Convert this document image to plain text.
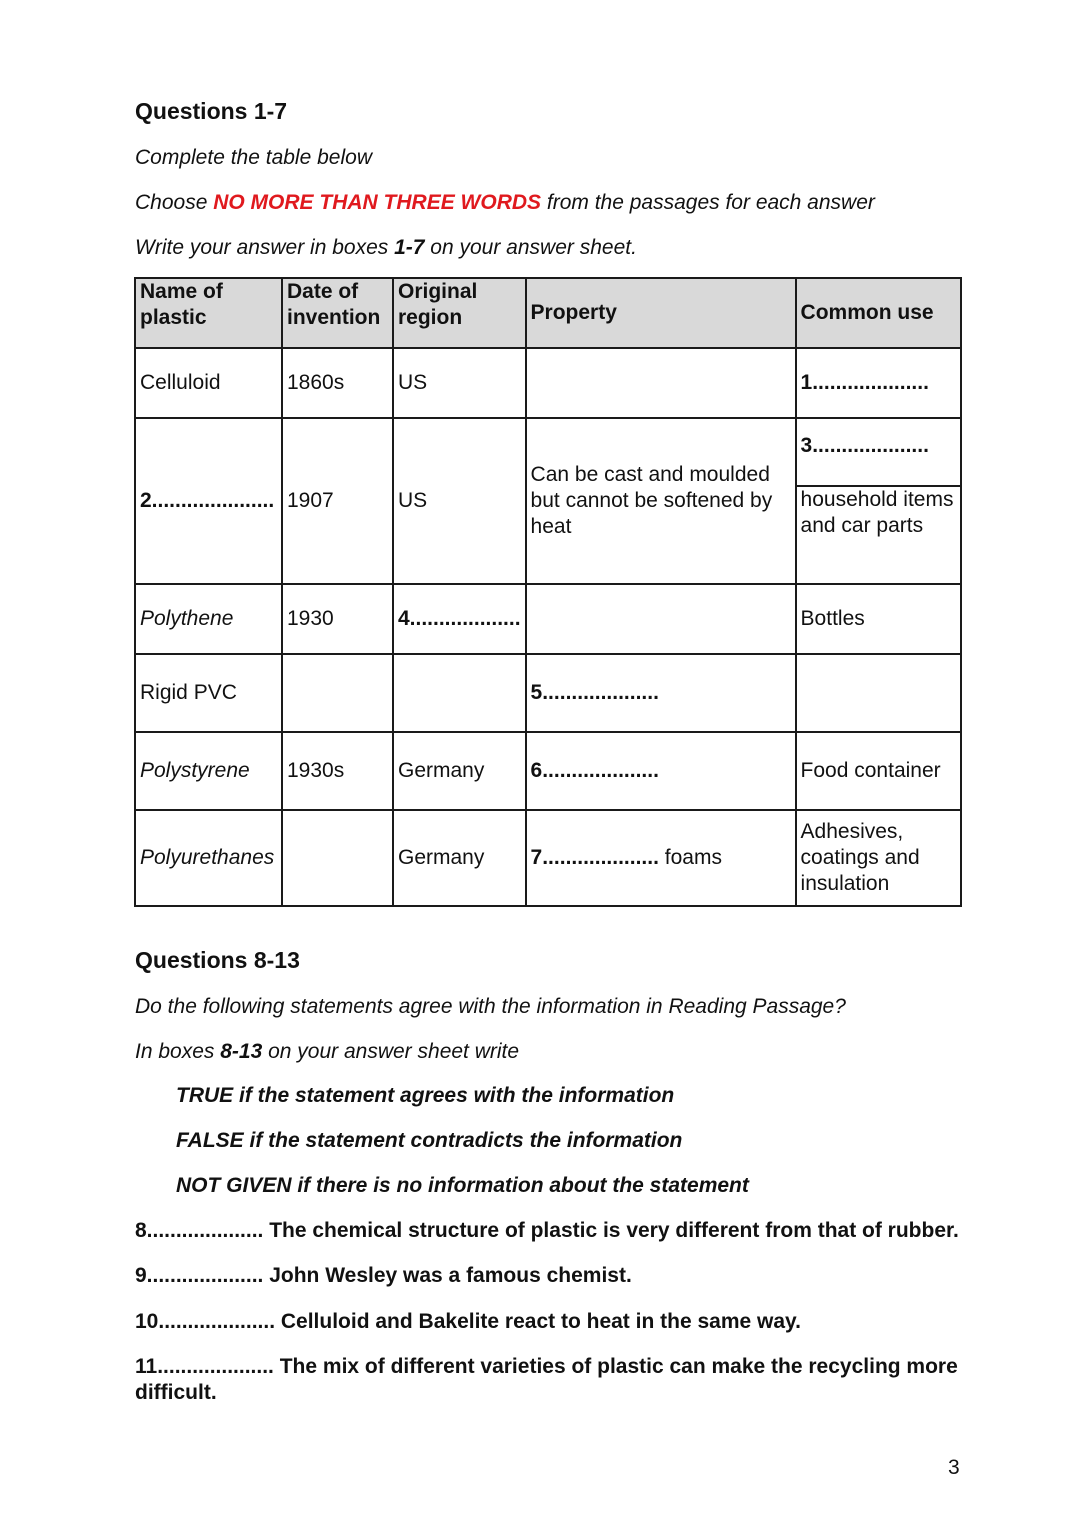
Questions 1-7

Complete the table below

Choose NO MORE THAN THREE WORDS from the passages for each answer

Write your answer in boxes 1-7 on your answer sheet.

Name of plastic	Date of invention	Original region	Property	Common use
Celluloid	1860s	US		1....................
2.....................	1907	US	Can be cast and moulded but cannot be softened by heat	3....................
household items and car parts

Polythene	1930	4...................		Bottles
Rigid PVC			5....................	
Polystyrene	1930s	Germany	6....................	Food container
Polyurethanes		Germany	7.................... foams	Adhesives, coatings and insulation

Questions 8-13

Do the following statements agree with the information in Reading Passage?

In boxes 8-13 on your answer sheet write

TRUE if the statement agrees with the information

FALSE if the statement contradicts the information

NOT GIVEN if there is no information about the statement

8.................... The chemical structure of plastic is very different from that of rubber.

9.................... John Wesley was a famous chemist.

10.................... Celluloid and Bakelite react to heat in the same way.

11.................... The mix of different varieties of plastic can make the recycling more difficult.

3
